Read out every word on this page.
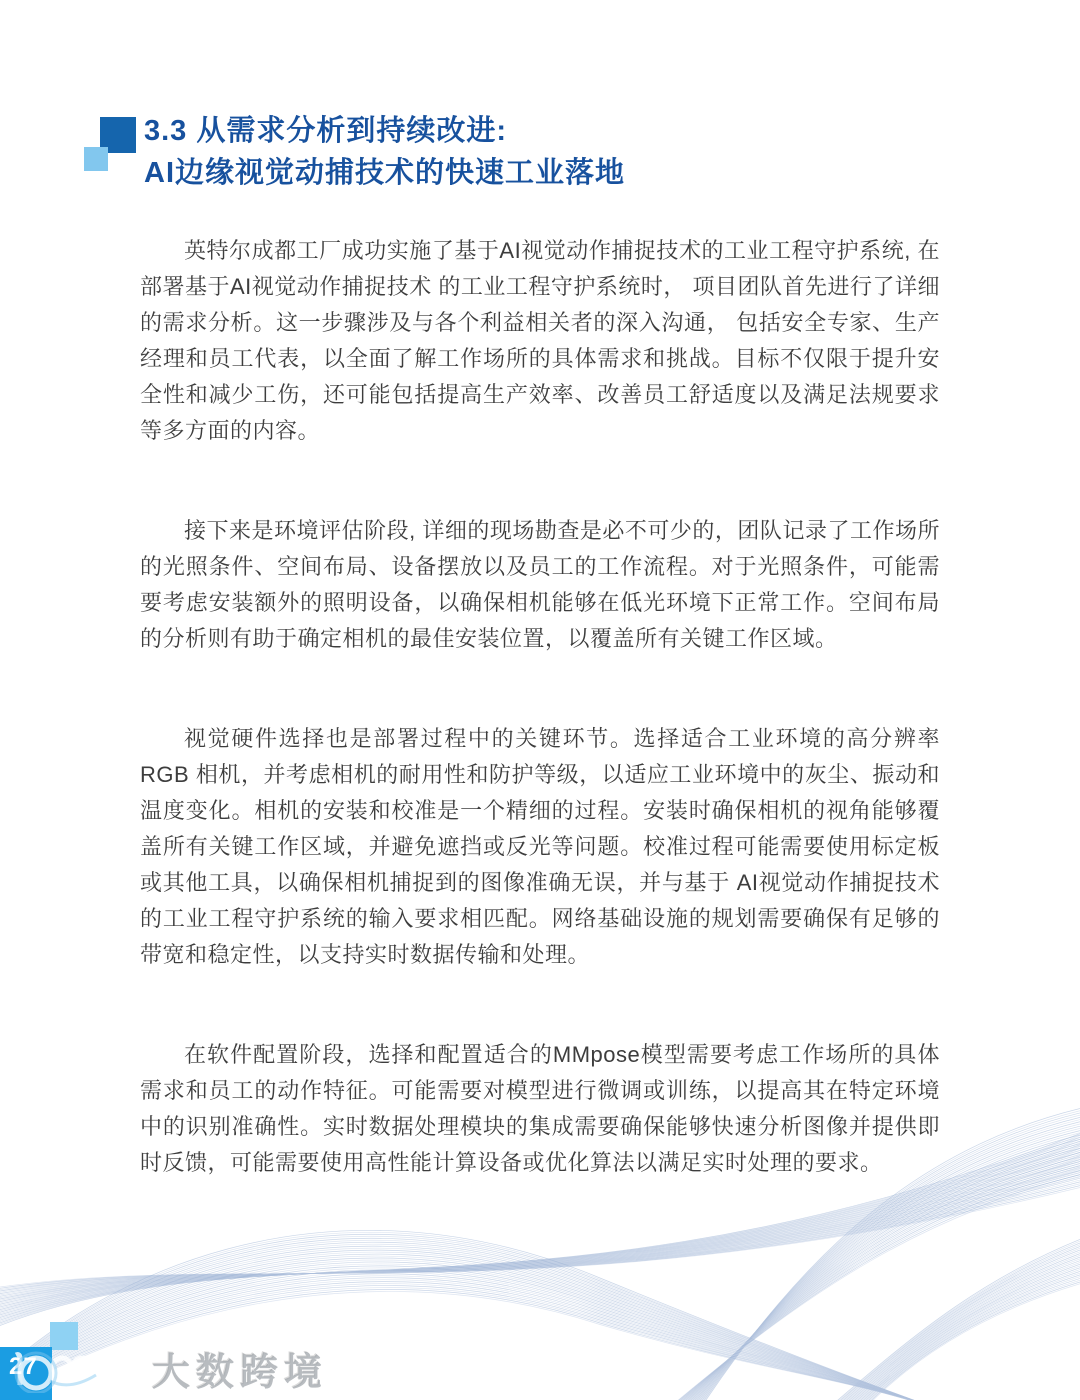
3.3 从需求分析到持续改进:
AI边缘视觉动捕技术的快速工业落地

英特尔成都工厂成功实施了基于AI视觉动作捕捉技术的工业工程守护系统, 在部署基于AI视觉动作捕捉技术 的工业工程守护系统时， 项目团队首先进行了详细的需求分析。这一步骤涉及与各个利益相关者的深入沟通， 包括安全专家、生产经理和员工代表，以全面了解工作场所的具体需求和挑战。目标不仅限于提升安全性和减少工伤，还可能包括提高生产效率、改善员工舒适度以及满足法规要求等多方面的内容。

接下来是环境评估阶段, 详细的现场勘查是必不可少的，团队记录了工作场所的光照条件、空间布局、设备摆放以及员工的工作流程。对于光照条件，可能需要考虑安装额外的照明设备，以确保相机能够在低光环境下正常工作。空间布局的分析则有助于确定相机的最佳安装位置，以覆盖所有关键工作区域。

视觉硬件选择也是部署过程中的关键环节。选择适合工业环境的高分辨率 RGB 相机，并考虑相机的耐用性和防护等级，以适应工业环境中的灰尘、振动和温度变化。相机的安装和校准是一个精细的过程。安装时确保相机的视角能够覆盖所有关键工作区域，并避免遮挡或反光等问题。校准过程可能需要使用标定板或其他工具，以确保相机捕捉到的图像准确无误，并与基于 AI视觉动作捕捉技术 的工业工程守护系统的输入要求相匹配。网络基础设施的规划需要确保有足够的带宽和稳定性，以支持实时数据传输和处理。

在软件配置阶段，选择和配置适合的MMpose模型需要考虑工作场所的具体需求和员工的动作特征。可能需要对模型进行微调或训练，以提高其在特定环境中的识别准确性。实时数据处理模块的集成需要确保能够快速分析图像并提供即时反馈，可能需要使用高性能计算设备或优化算法以满足实时处理的要求。

27	大数跨境
